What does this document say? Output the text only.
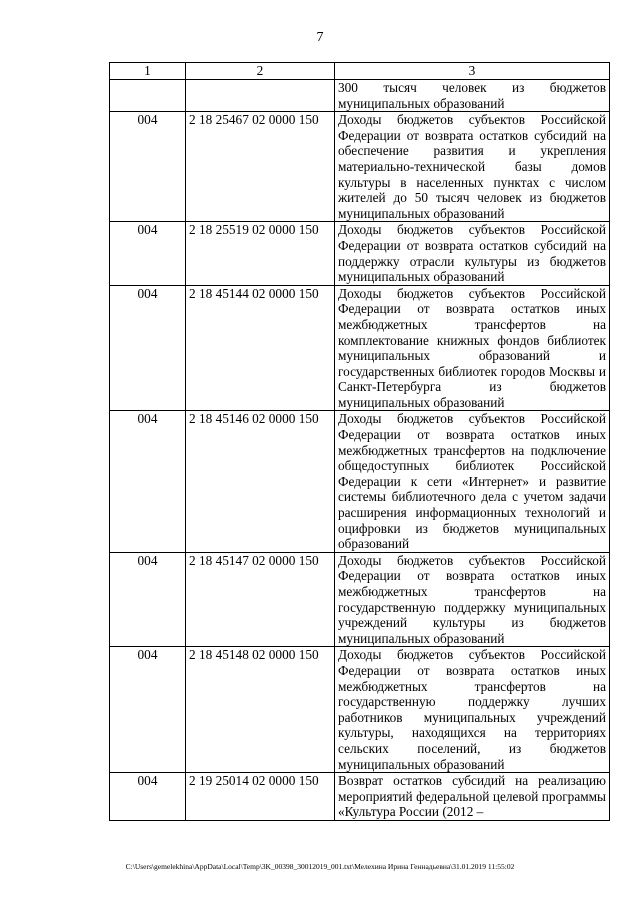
7
1	2	3
		300 тысяч человек из бюджетов муниципальных образований
004	2 18 25467 02 0000 150	Доходы бюджетов субъектов Российской Федерации от возврата остатков субсидий на обеспечение развития и укрепления материально-технической базы домов культуры в населенных пунктах с числом жителей до 50 тысяч человек из бюджетов муниципальных образований
004	2 18 25519 02 0000 150	Доходы бюджетов субъектов Российской Федерации от возврата остатков субсидий на поддержку отрасли культуры из бюджетов муниципальных образований
004	2 18 45144 02 0000 150	Доходы бюджетов субъектов Российской Федерации от возврата остатков иных межбюджетных трансфертов на комплектование книжных фондов библиотек муниципальных образований и государственных библиотек городов Москвы и Санкт-Петербурга из бюджетов муниципальных образований
004	2 18 45146 02 0000 150	Доходы бюджетов субъектов Российской Федерации от возврата остатков иных межбюджетных трансфертов на подключение общедоступных библиотек Российской Федерации к сети «Интернет» и развитие системы библиотечного дела с учетом задачи расширения информационных технологий и оцифровки из бюджетов муниципальных образований
004	2 18 45147 02 0000 150	Доходы бюджетов субъектов Российской Федерации от возврата остатков иных межбюджетных трансфертов на государственную поддержку муниципальных учреждений культуры из бюджетов муниципальных образований
004	2 18 45148 02 0000 150	Доходы бюджетов субъектов Российской Федерации от возврата остатков иных межбюджетных трансфертов на государственную поддержку лучших работников муниципальных учреждений культуры, находящихся на территориях сельских поселений, из бюджетов муниципальных образований
004	2 19 25014 02 0000 150	Возврат остатков субсидий на реализацию мероприятий федеральной целевой программы «Культура России (2012 –
C:\Users\gemelekhina\AppData\Local\Temp\3K_00398_30012019_001.txt\Мелехина Ирина Геннадьевна\31.01.2019 11:55:02
